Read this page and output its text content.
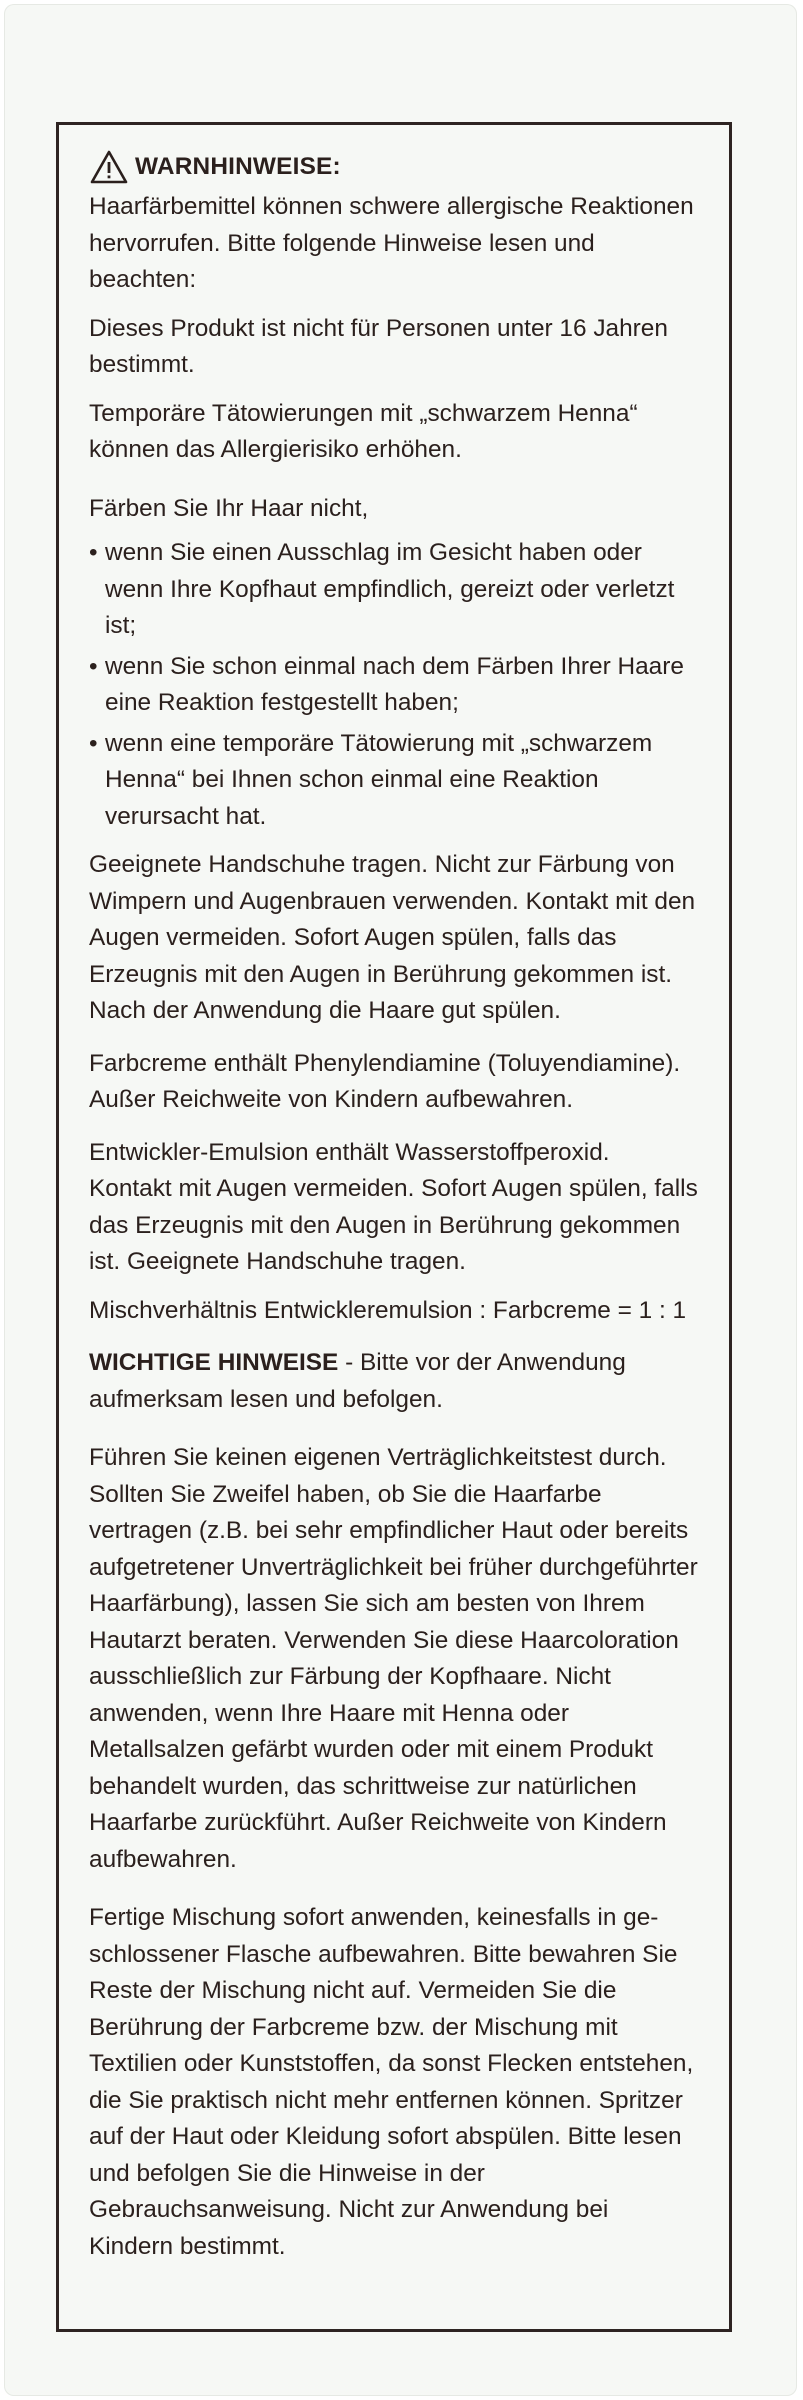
WARNHINWEISE:

Haarfärbemittel können schwere allergische Reaktionen hervorrufen. Bitte folgende Hinweise lesen und beachten:

Dieses Produkt ist nicht für Personen unter 16 Jahren bestimmt.

Temporäre Tätowierungen mit „schwarzem Henna“ können das Allergierisiko erhöhen.

Färben Sie Ihr Haar nicht,

• wenn Sie einen Ausschlag im Gesicht haben oder wenn Ihre Kopfhaut empfindlich, gereizt oder verletzt ist;
• wenn Sie schon einmal nach dem Färben Ihrer Haare eine Reaktion festgestellt haben;
• wenn eine temporäre Tätowierung mit „schwarzem Henna“ bei Ihnen schon einmal eine Reaktion verursacht hat.

Geeignete Handschuhe tragen. Nicht zur Färbung von Wimpern und Augenbrauen verwenden. Kontakt mit den Augen vermeiden. Sofort Augen spülen, falls das Erzeugnis mit den Augen in Berührung gekommen ist. Nach der Anwendung die Haare gut spülen.

Farbcreme enthält Phenylendiamine (Toluyendiamine). Außer Reichweite von Kindern aufbewahren.

Entwickler-Emulsion enthält Wasserstoffperoxid. Kontakt mit Augen vermeiden. Sofort Augen spülen, falls das Erzeugnis mit den Augen in Berührung gekommen ist. Geeignete Handschuhe tragen.

Mischverhältnis Entwickleremulsion : Farbcreme = 1 : 1

WICHTIGE HINWEISE - Bitte vor der Anwendung aufmerksam lesen und befolgen.

Führen Sie keinen eigenen Verträglichkeitstest durch. Sollten Sie Zweifel haben, ob Sie die Haarfarbe vertragen (z.B. bei sehr empfindlicher Haut oder bereits aufgetretener Unverträglichkeit bei früher durchgeführter Haarfärbung), lassen Sie sich am besten von Ihrem Hautarzt beraten. Verwenden Sie diese Haarcoloration ausschließlich zur Färbung der Kopfhaare. Nicht anwenden, wenn Ihre Haare mit Henna oder Metallsalzen gefärbt wurden oder mit einem Produkt behandelt wurden, das schrittweise zur natürlichen Haarfarbe zurückführt. Außer Reichweite von Kindern aufbewahren.

Fertige Mischung sofort anwenden, keinesfalls in geschlossener Flasche aufbewahren. Bitte bewahren Sie Reste der Mischung nicht auf. Vermeiden Sie die Berührung der Farbcreme bzw. der Mischung mit Textilien oder Kunststoffen, da sonst Flecken entstehen, die Sie praktisch nicht mehr entfernen können. Spritzer auf der Haut oder Kleidung sofort abspülen. Bitte lesen und befolgen Sie die Hinweise in der Gebrauchsanweisung. Nicht zur Anwendung bei Kindern bestimmt.
